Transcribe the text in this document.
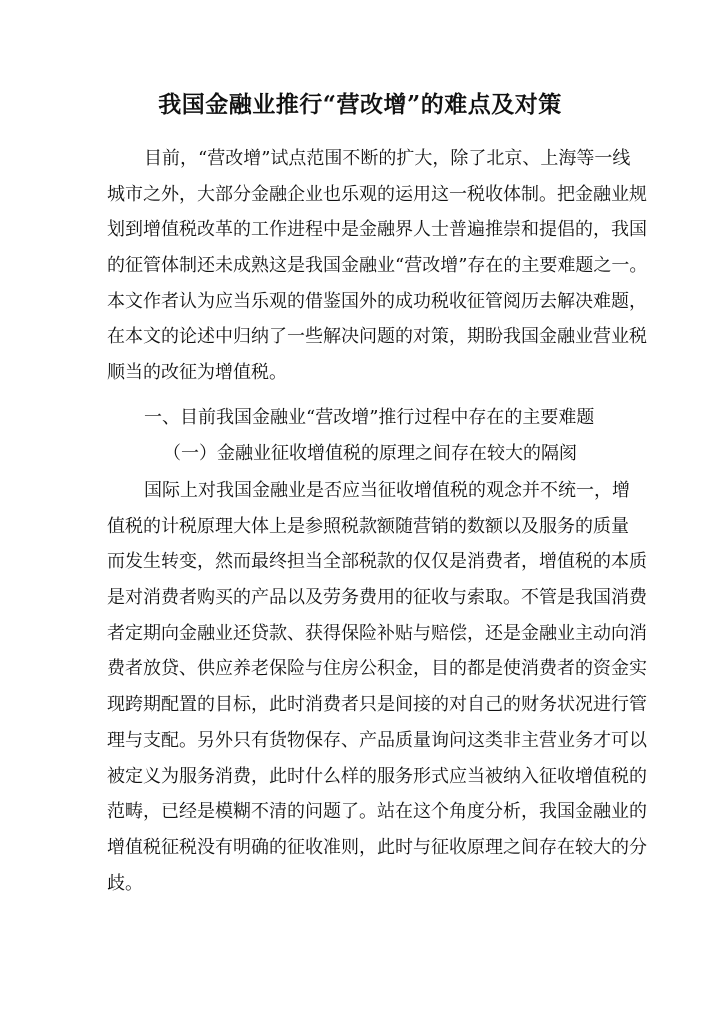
我国金融业推行“营改增”的难点及对策
目前，“营改增”试点范围不断的扩大，除了北京、上海等一线
城市之外，大部分金融企业也乐观的运用这一税收体制。把金融业规
划到增值税改革的工作进程中是金融界人士普遍推崇和提倡的，我国
的征管体制还未成熟这是我国金融业“营改增”存在的主要难题之一。
本文作者认为应当乐观的借鉴国外的成功税收征管阅历去解决难题，
在本文的论述中归纳了一些解决问题的对策，期盼我国金融业营业税
顺当的改征为增值税。
一、目前我国金融业“营改增”推行过程中存在的主要难题
（一）金融业征收增值税的原理之间存在较大的隔阂
国际上对我国金融业是否应当征收增值税的观念并不统一，增
值税的计税原理大体上是参照税款额随营销的数额以及服务的质量
而发生转变，然而最终担当全部税款的仅仅是消费者，增值税的本质
是对消费者购买的产品以及劳务费用的征收与索取。不管是我国消费
者定期向金融业还贷款、获得保险补贴与赔偿，还是金融业主动向消
费者放贷、供应养老保险与住房公积金，目的都是使消费者的资金实
现跨期配置的目标，此时消费者只是间接的对自己的财务状况进行管
理与支配。另外只有货物保存、产品质量询问这类非主营业务才可以
被定义为服务消费，此时什么样的服务形式应当被纳入征收增值税的
范畴，已经是模糊不清的问题了。站在这个角度分析，我国金融业的
增值税征税没有明确的征收准则，此时与征收原理之间存在较大的分
歧。
